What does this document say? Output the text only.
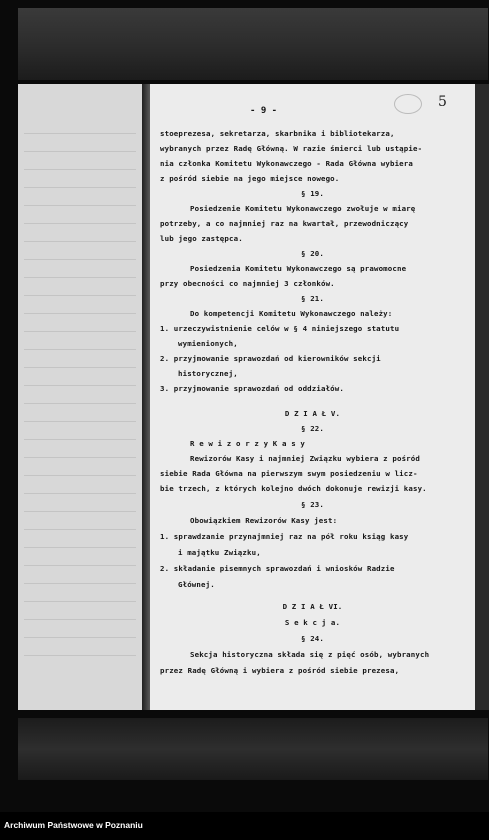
- 9 -
5
stoeprezesa, sekretarza, skarbnika i bibliotekarza,
wybranych przez Radę Główną. W razie śmierci lub ustąpie-
nia członka Komitetu Wykonawczego - Rada Główna wybiera
z pośród siebie na jego miejsce nowego.
§ 19.
Posiedzenie Komitetu Wykonawczego zwołuje w miarę
potrzeby, a co najmniej raz na kwartał, przewodniczący
lub jego zastępca.
§ 20.
Posiedzenia Komitetu Wykonawczego są prawomocne
przy obecności co najmniej 3 członków.
§ 21.
Do kompetencji Komitetu Wykonawczego należy:
1. urzeczywistnienie celów w § 4 niniejszego statutu
wymienionych,
2. przyjmowanie sprawozdań od kierowników sekcji
historycznej,
3. przyjmowanie sprawozdań od oddziałów.
D Z I A Ł V.
§ 22.
R e w i z o r z y K a s y
Rewizorów Kasy i najmniej Związku wybiera z pośród
siebie Rada Główna na pierwszym swym posiedzeniu w licz-
bie trzech, z których kolejno dwóch dokonuje rewizji kasy.
§ 23.
Obowiązkiem Rewizorów Kasy jest:
1. sprawdzanie przynajmniej raz na pół roku ksiąg kasy
i majątku Związku,
2. składanie pisemnych sprawozdań i wniosków Radzie
Głównej.
D Z I A Ł VI.
S e k c j a.
§ 24.
Sekcja historyczna składa się z pięć osób, wybranych
przez Radę Główną i wybiera z pośród siebie prezesa,
Archiwum Państwowe w Poznaniu
